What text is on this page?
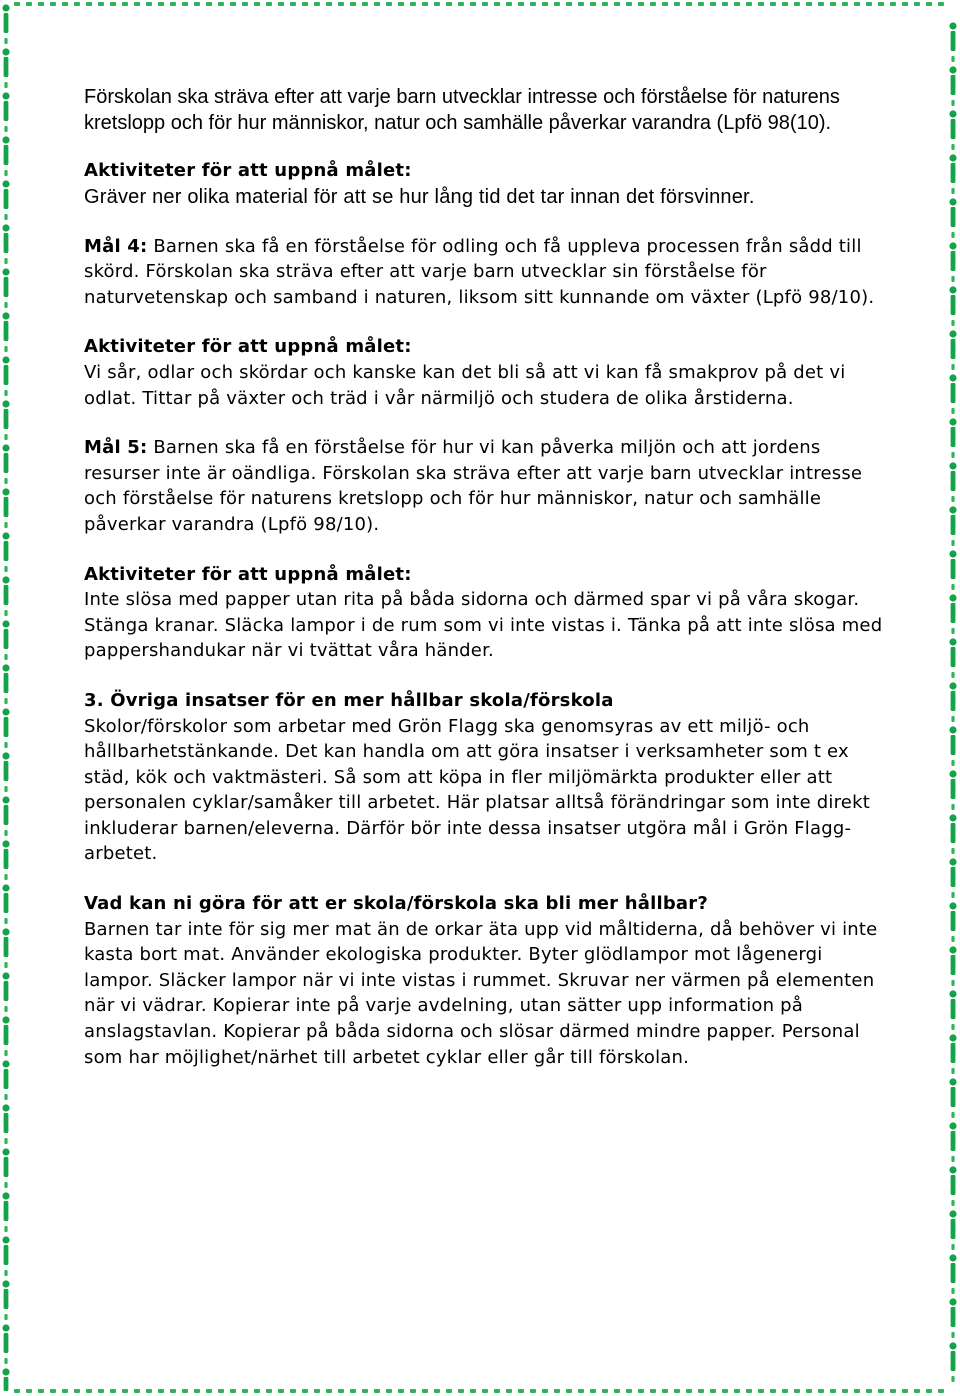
Förskolan ska sträva efter att varje barn utvecklar intresse och förståelse för naturens kretslopp och för hur människor, natur och samhälle påverkar varandra (Lpfö 98(10).

Aktiviteter för att uppnå målet:
Gräver ner olika material för att se hur lång tid det tar innan det försvinner.

Mål 4: Barnen ska få en förståelse för odling och få uppleva processen från sådd till skörd. Förskolan ska sträva efter att varje barn utvecklar sin förståelse för naturvetenskap och samband i naturen, liksom sitt kunnande om växter (Lpfö 98/10).

Aktiviteter för att uppnå målet:
Vi sår, odlar och skördar och kanske kan det bli så att vi kan få smakprov på det vi odlat. Tittar på växter och träd i vår närmiljö och studera de olika årstiderna.

Mål 5: Barnen ska få en förståelse för hur vi kan påverka miljön och att jordens resurser inte är oändliga. Förskolan ska sträva efter att varje barn utvecklar intresse och förståelse för naturens kretslopp och för hur människor, natur och samhälle påverkar varandra (Lpfö 98/10).

Aktiviteter för att uppnå målet:
Inte slösa med papper utan rita på båda sidorna och därmed spar vi på våra skogar. Stänga kranar. Släcka lampor i de rum som vi inte vistas i. Tänka på att inte slösa med pappershandukar när vi tvättat våra händer.
3. Övriga insatser för en mer hållbar skola/förskola
Skolor/förskolor som arbetar med Grön Flagg ska genomsyras av ett miljö- och hållbarhetstänkande. Det kan handla om att göra insatser i verksamheter som t ex städ, kök och vaktmästeri. Så som att köpa in fler miljömärkta produkter eller att personalen cyklar/samåker till arbetet. Här platsar alltså förändringar som inte direkt inkluderar barnen/eleverna. Därför bör inte dessa insatser utgöra mål i Grön Flagg-arbetet.
Vad kan ni göra för att er skola/förskola ska bli mer hållbar?
Barnen tar inte för sig mer mat än de orkar äta upp vid måltiderna, då behöver vi inte kasta bort mat. Använder ekologiska produkter. Byter glödlampor mot lågenergi lampor. Släcker lampor när vi inte vistas i rummet. Skruvar ner värmen på elementen när vi vädrar. Kopierar inte på varje avdelning, utan sätter upp information på anslagstavlan. Kopierar på båda sidorna och slösar därmed mindre papper. Personal som har möjlighet/närhet till arbetet cyklar eller går till förskolan.
